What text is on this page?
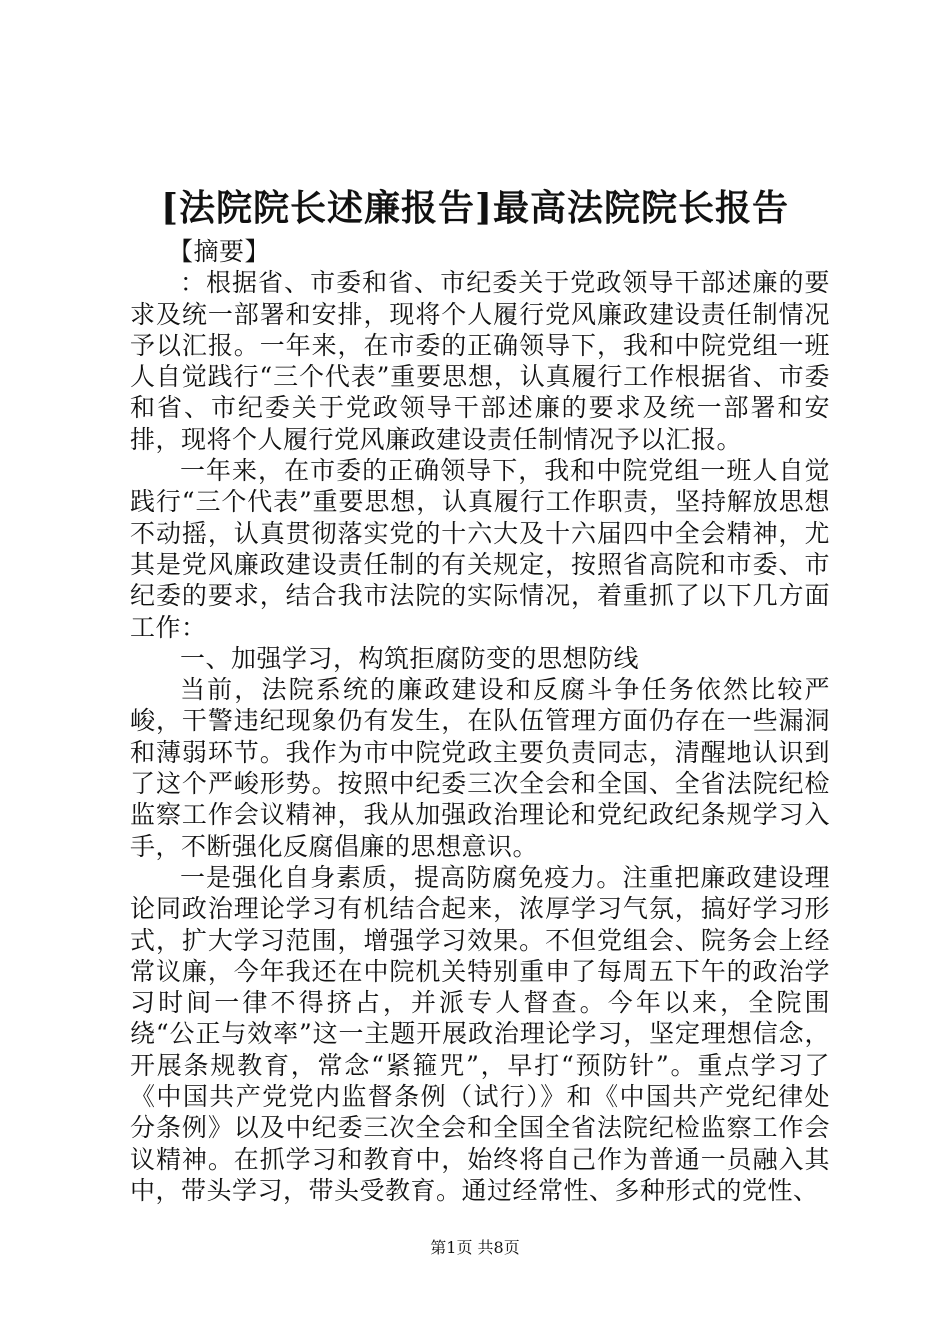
[法院院长述廉报告]最高法院院长报告

【摘要】

：根据省、市委和省、市纪委关于党政领导干部述廉的要求及统一部署和安排，现将个人履行党风廉政建设责任制情况予以汇报。一年来，在市委的正确领导下，我和中院党组一班人自觉践行“三个代表”重要思想，认真履行工作根据省、市委和省、市纪委关于党政领导干部述廉的要求及统一部署和安排，现将个人履行党风廉政建设责任制情况予以汇报。

一年来，在市委的正确领导下，我和中院党组一班人自觉践行“三个代表”重要思想，认真履行工作职责，坚持解放思想不动摇，认真贯彻落实党的十六大及十六届四中全会精神，尤其是党风廉政建设责任制的有关规定，按照省高院和市委、市纪委的要求，结合我市法院的实际情况，着重抓了以下几方面工作：

一、加强学习，构筑拒腐防变的思想防线

当前，法院系统的廉政建设和反腐斗争任务依然比较严峻，干警违纪现象仍有发生，在队伍管理方面仍存在一些漏洞和薄弱环节。我作为市中院党政主要负责同志，清醒地认识到了这个严峻形势。按照中纪委三次全会和全国、全省法院纪检监察工作会议精神，我从加强政治理论和党纪政纪条规学习入手，不断强化反腐倡廉的思想意识。

一是强化自身素质，提高防腐免疫力。注重把廉政建设理论同政治理论学习有机结合起来，浓厚学习气氛，搞好学习形式，扩大学习范围，增强学习效果。不但党组会、院务会上经常议廉，今年我还在中院机关特别重申了每周五下午的政治学习时间一律不得挤占，并派专人督查。今年以来，全院围绕“公正与效率”这一主题开展政治理论学习，坚定理想信念，开展条规教育，常念“紧箍咒”，早打“预防针”。重点学习了《中国共产党党内监督条例（试行）》和《中国共产党纪律处分条例》以及中纪委三次全会和全国全省法院纪检监察工作会议精神。在抓学习和教育中，始终将自己作为普通一员融入其中，带头学习，带头受教育。通过经常性、多种形式的党性、

第1页 共8页
